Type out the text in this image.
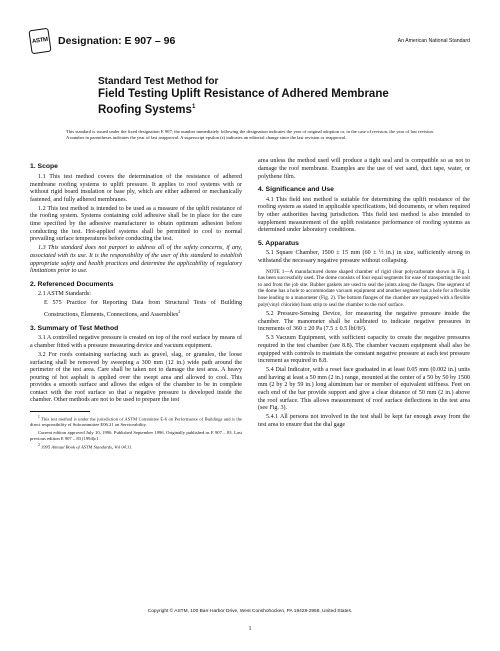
ASTM Designation: E 907 – 96	An American National Standard
Standard Test Method for
Field Testing Uplift Resistance of Adhered Membrane
Roofing Systems$^1$
This standard is issued under the fixed designation E 907; the number immediately following the designation indicates the year of original adoption or, in the case of revision, the year of last revision. A number in parentheses indicates the year of last reapproval. A superscript epsilon (ε) indicates an editorial change since the last revision or reapproval.
1. Scope

1.1 This test method covers the determination of the resistance of adhered membrane roofing systems to uplift pressure. It applies to roof systems with or without rigid board insulation or base ply, which are either adhered or mechanically fastened, and fully adhered membranes.

1.2 This test method is intended to be used as a measure of the uplift resistance of the roofing system. Systems containing cold adhesive shall be in place for the cure time specified by the adhesive manufacturer to obtain optimum adhesion before conducting the test. Hot-applied systems shall be permitted to cool to normal prevailing surface temperatures before conducting the test.

1.3 This standard does not purport to address all of the safety concerns, if any, associated with its use. It is the responsibility of the user of this standard to establish appropriate safety and health practices and determine the applicability of regulatory limitations prior to use.

2. Referenced Documents

2.1 ASTM Standards:

E 575 Practice for Reporting Data from Structural Tests of Building Constructions, Elements, Connections, and Assemblies$^2$

3. Summary of Test Method

3.1 A controlled negative pressure is created on top of the roof surface by means of a chamber fitted with a pressure measuring device and vacuum equipment.

3.2 For roofs containing surfacing such as gravel, slag, or granules, the loose surfacing shall be removed by sweeping a 300 mm (12 in.) wide path around the perimeter of the test area. Care shall be taken not to damage the test area. A heavy pouring of hot asphalt is applied over the swept area and allowed to cool. This provides a smooth surface and allows the edges of the chamber to be in complete contact with the roof surface so that a negative pressure is developed inside the chamber. Other methods are not to be used to prepare the test

$^1$ This test method is under the jurisdiction of ASTM Committee E-6 on Performance of Buildings and is the direct responsibility of Subcommittee E06.21 on Serviceability.

Current edition approved July 10, 1996. Published September 1996. Originally published as E 907 – 83. Last previous edition E 907 – 83 (1994)ε1.

$^2$ 1995 Annual Book of ASTM Standards, Vol 04.11.

area unless the method used will produce a tight seal and is compatible so as not to damage the roof membrane. Examples are the use of wet sand, duct tape, water, or polythene film.

4. Significance and Use

4.1 This field test method is suitable for determining the uplift resistance of the roofing system as stated in applicable specifications, bid documents, or when required by other authorities having jurisdiction. This field test method is also intended to supplement measurement of the uplift resistance performance of roofing systems as determined under laboratory conditions.

5. Apparatus

5.1 Square Chamber, 1500 ± 15 mm (60 ± ½ in.) in size, sufficiently strong to withstand the necessary negative pressure without collapsing.

NOTE 1—A manufactured dome shaped chamber of rigid clear polycarbonate shown in Fig. 1 has been successfully used. The dome consists of four equal segments for ease of transporting the unit to and from the job site. Rubber gaskets are used to seal the joints along the flanges. One segment of the dome has a hole to accommodate vacuum equipment and another segment has a hole for a flexible hose leading to a manometer (Fig. 2). The bottom flanges of the chamber are equipped with a flexible poly(vinyl chloride) foam strip to seal the chamber to the roof surface.

5.2 Pressure-Sensing Device, for measuring the negative pressure inside the chamber. The manometer shall be calibrated to indicate negative pressures in increments of 360 ± 20 Pa (7.5 ± 0.5 lbf/ft²).

5.3 Vacuum Equipment, with sufficient capacity to create the negative pressures required in the test chamber (see 8.8). The chamber vacuum equipment shall also be equipped with controls to maintain the constant negative pressure at each test pressure increment as required in 8.8.

5.4 Dial Indicator, with a reset face graduated in at least 0.05 mm (0.002 in.) units and having at least a 50 mm (2 in.) range, mounted at the center of a 50 by 50 by 1500 mm (2 by 2 by 59 in.) long aluminum bar or member of equivalent stiffness. Feet on each end of the bar provide support and give a clear distance of 50 mm (2 in.) above the roof surface. This allows measurement of roof surface deflections in the test area (see Fig. 3).

5.4.1 All persons not involved in the test shall be kept far enough away from the test area to ensure that the dial gage

Copyright © ASTM, 100 Barr Harbor Drive, West Conshohocken, PA 19428-2959, United States.
1
